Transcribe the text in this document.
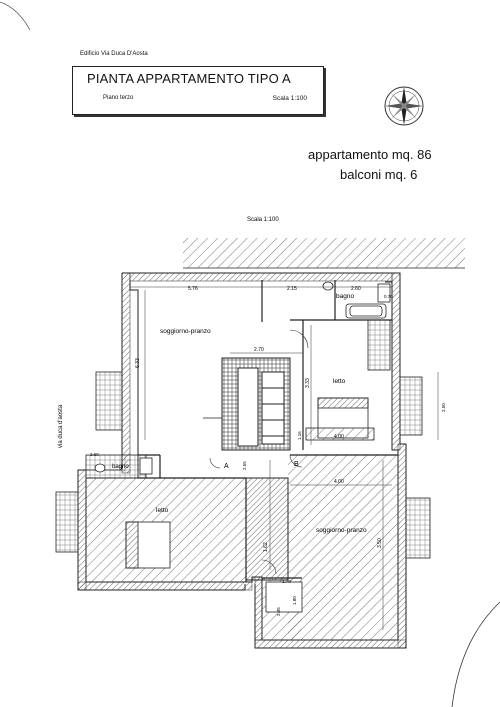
Edificio Via Duca D'Aosta
PIANTA APPARTAMENTO TIPO A
Piano terzo	Scala 1:100
appartamento mq. 86
balconi mq. 6
soggiorno-pranzo
letto
bagno
bagno
letto
soggiorno-pranzo
A	B
5.76	2.15	2.60
0.70
2.70
6.33
3.33
4.00
4.00
2.50
2.55
2.60
3.50
1.62
1.15
1.70
1.80
2.35
Scala 1:100
via duca d'aosta
